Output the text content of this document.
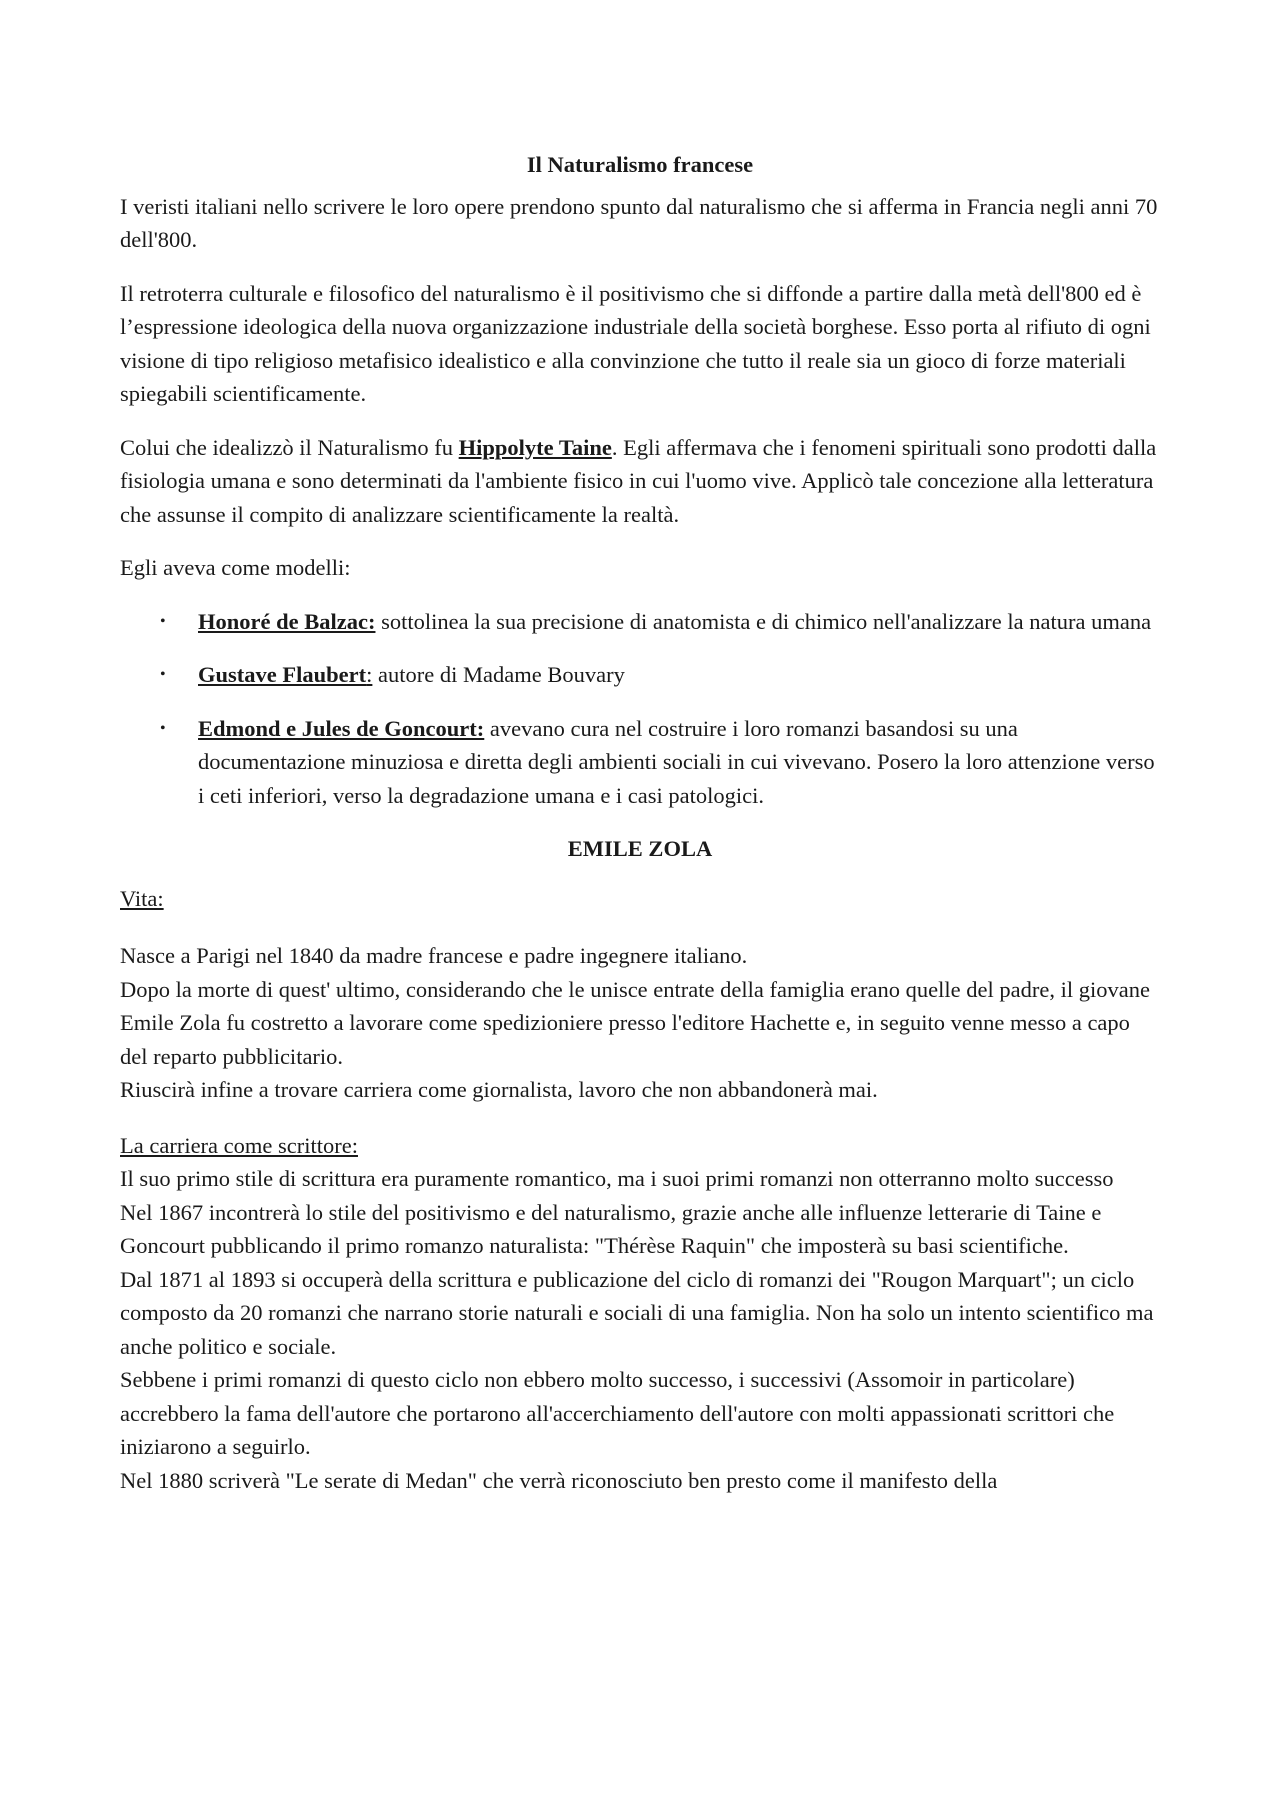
Il Naturalismo francese

I veristi italiani nello scrivere le loro opere prendono spunto dal naturalismo che si afferma in Francia negli anni 70 dell'800.

Il retroterra culturale e filosofico del naturalismo è il positivismo che si diffonde a partire dalla metà dell'800 ed è l’espressione ideologica della nuova organizzazione industriale della società borghese. Esso porta al rifiuto di ogni visione di tipo religioso metafisico idealistico e alla convinzione che tutto il reale sia un gioco di forze materiali spiegabili scientificamente.

Colui che idealizzò il Naturalismo fu Hippolyte Taine. Egli affermava che i fenomeni spirituali sono prodotti dalla fisiologia umana e sono determinati da l'ambiente fisico in cui l'uomo vive. Applicò tale concezione alla letteratura che assunse il compito di analizzare scientificamente la realtà.

Egli aveva come modelli:

• Honoré de Balzac: sottolinea la sua precisione di anatomista e di chimico nell'analizzare la natura umana
• Gustave Flaubert: autore di Madame Bouvary
• Edmond e Jules de Goncourt: avevano cura nel costruire i loro romanzi basandosi su una documentazione minuziosa e diretta degli ambienti sociali in cui vivevano. Posero la loro attenzione verso i ceti inferiori, verso la degradazione umana e i casi patologici.
EMILE ZOLA
Vita:

Nasce a Parigi nel 1840 da madre francese e padre ingegnere italiano.

Dopo la morte di quest' ultimo, considerando che le unisce entrate della famiglia erano quelle del padre, il giovane Emile Zola fu costretto a lavorare come spedizioniere presso l'editore Hachette e, in seguito venne messo a capo del reparto pubblicitario.

Riuscirà infine a trovare carriera come giornalista, lavoro che non abbandonerà mai.

La carriera come scrittore:

Il suo primo stile di scrittura era puramente romantico, ma i suoi primi romanzi non otterranno molto successo

Nel 1867 incontrerà lo stile del positivismo e del naturalismo, grazie anche alle influenze letterarie di Taine e Goncourt pubblicando il primo romanzo naturalista: "Thérèse Raquin" che imposterà su basi scientifiche.

Dal 1871 al 1893 si occuperà della scrittura e publicazione del ciclo di romanzi dei "Rougon Marquart"; un ciclo composto da 20 romanzi che narrano storie naturali e sociali di una famiglia. Non ha solo un intento scientifico ma anche politico e sociale.

Sebbene i primi romanzi di questo ciclo non ebbero molto successo, i successivi (Assomoir in particolare) accrebbero la fama dell'autore che portarono all'accerchiamento dell'autore con molti appassionati scrittori che iniziarono a seguirlo.

Nel 1880 scriverà "Le serate di Medan" che verrà riconosciuto ben presto come il manifesto della
